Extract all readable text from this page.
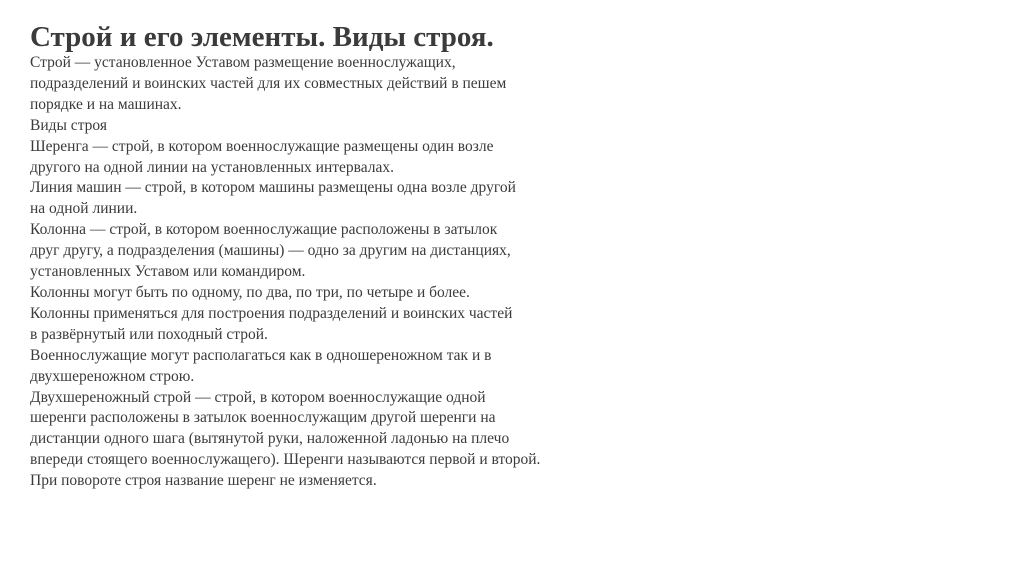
Строй и его элементы. Виды строя.
Строй — установленное Уставом размещение военнослужащих,
подразделений и воинских частей для их совместных действий в пешем
порядке и на машинах.
Виды строя
Шеренга — строй, в котором военнослужащие размещены один возле
другого на одной линии на установленных интервалах.
Линия машин — строй, в котором машины размещены одна возле другой
на одной линии.
Колонна — строй, в котором военнослужащие расположены в затылок
друг другу, а подразделения (машины) — одно за другим на дистанциях,
установленных Уставом или командиром.
Колонны могут быть по одному, по два, по три, по четыре и более.
Колонны применяться для построения подразделений и воинских частей
в развёрнутый или походный строй.
Военнослужащие могут располагаться как в одношереножном так и в
двухшереножном строю.
Двухшереножный строй — строй, в котором военнослужащие одной
шеренги расположены в затылок военнослужащим другой шеренги на
дистанции одного шага (вытянутой руки, наложенной ладонью на плечо
впереди стоящего военнослужащего). Шеренги называются первой и второй.
При повороте строя название шеренг не изменяется.
